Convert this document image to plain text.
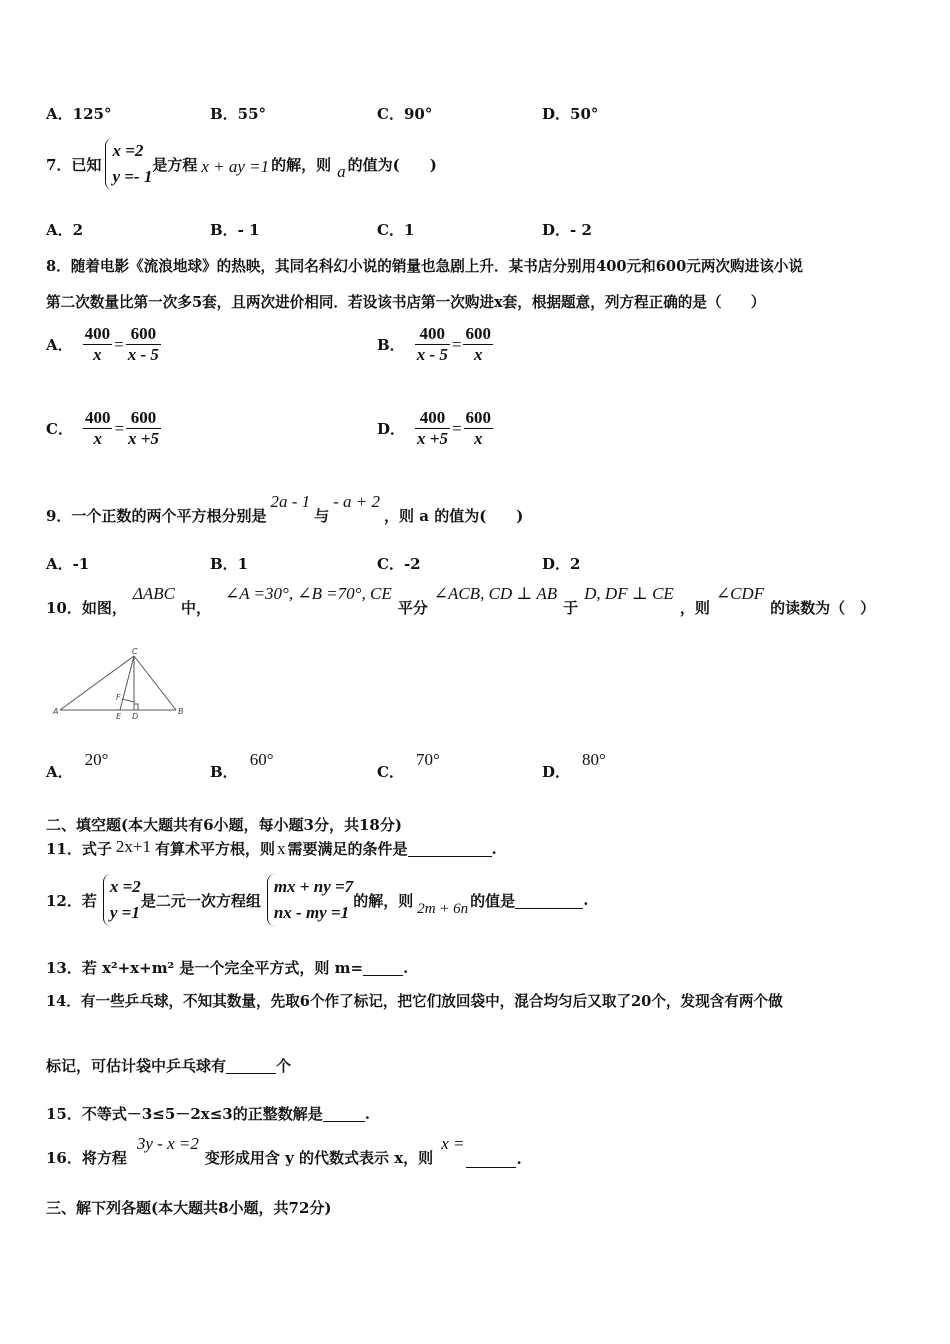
A．125°	B．55°	C．90°	D．50°
7．已知
x =2
y =- 1
是方程 x + ay =1 的解，则 a 的值为(　　)
A．2	B．- 1	C．1	D．- 2
8．随着电影《流浪地球》的热映，其同名科幻小说的销量也急剧上升．某书店分别用400元和600元两次购进该小说
第二次数量比第一次多5套，且两次进价相同．若设该书店第一次购进x套，根据题意，列方程正确的是（　　）
A． $\frac{400}{x} = \frac{600}{x - 5}$	B． $\frac{400}{x - 5} = \frac{600}{x}$
C． $\frac{400}{x} = \frac{600}{x +5}$	D． $\frac{400}{x +5} = \frac{600}{x}$
9．一个正数的两个平方根分别是
2a - 1
与
- a + 2
，则 a 的值为(　　)
A．-1	B．1	C．-2	D．2
10．如图，
ΔABC
中，
∠A =30°, ∠B =70°, CE
平分
∠ACB, CD ⊥ AB
于
D, DF ⊥ CE
，则
∠CDF
的读数为（　）
A	B
C
D
E
F
A．
20°
B．
60°
C．
70°
D．
80°
二、填空题(本大题共有6小题，每小题3分，共18分)
11．式子 2x+1 有算术平方根，则 x 需要满足的条件是	.
12．若
x =2
y =1
是二元一次方程组
mx + ny =7
nx - my =1
的解，则 2m + 6n 的值是	.
13．若 x²+x+m² 是一个完全平方式，则 m=	.
14．有一些乒乓球，不知其数量，先取6个作了标记，把它们放回袋中，混合均匀后又取了20个，发现含有两个做
标记，可估计袋中乒乓球有	个
15．不等式－3≤5－2x≤3的正整数解是	.
16．将方程
3y - x =2
变形成用含 y 的代数式表示 x，则
x =
.
三、解下列各题(本大题共8小题，共72分)
